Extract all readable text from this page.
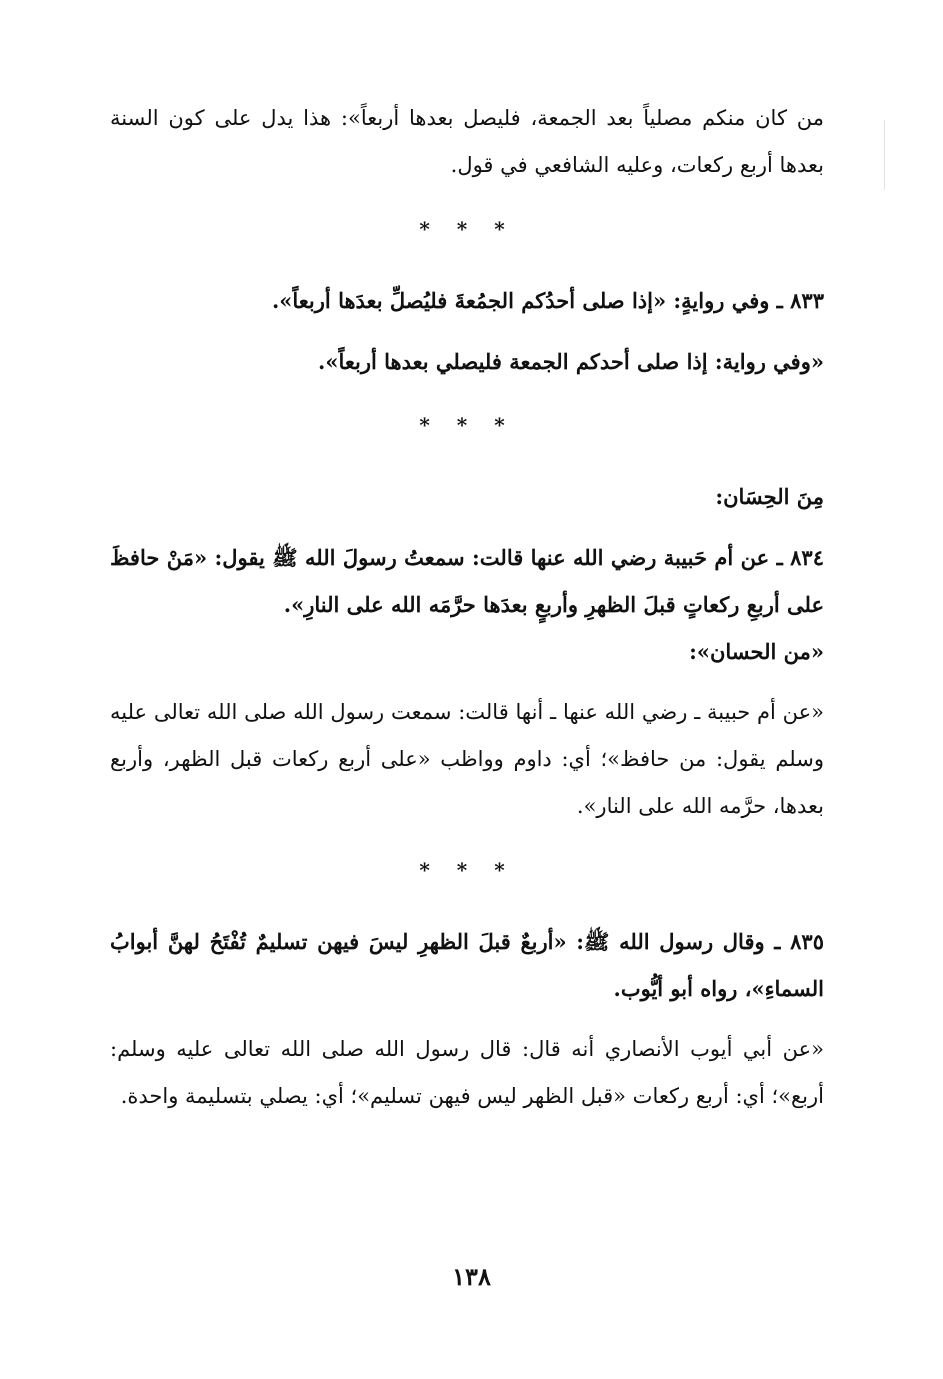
من كان منكم مصلياً بعد الجمعة، فليصل بعدها أربعاً»: هذا يدل على كون السنة بعدها أربع ركعات، وعليه الشافعي في قول.

* * *

٨٣٣ ـ وفي روايةٍ: «إذا صلى أحدُكم الجمُعةَ فليُصلِّ بعدَها أربعاً».

«وفي رواية: إذا صلى أحدكم الجمعة فليصلي بعدها أربعاً».

* * *

مِنَ الحِسَان:

٨٣٤ ـ عن أم حَبيبة رضي الله عنها قالت: سمعتُ رسولَ الله ﷺ يقول: «مَنْ حافظَ على أربعِ ركعاتٍ قبلَ الظهرِ وأربعٍ بعدَها حرَّمَه الله على النارِ».

«من الحسان»:

«عن أم حبيبة ـ رضي الله عنها ـ أنها قالت: سمعت رسول الله صلى الله تعالى عليه وسلم يقول: من حافظ»؛ أي: داوم وواظب «على أربع ركعات قبل الظهر، وأربع بعدها، حرَّمه الله على النار».

* * *

٨٣٥ ـ وقال رسول الله ﷺ: «أربعٌ قبلَ الظهرِ ليسَ فيهن تسليمٌ تُفْتَحُ لهنَّ أبوابُ السماءِ»، رواه أبو أيُّوب.

«عن أبي أيوب الأنصاري أنه قال: قال رسول الله صلى الله تعالى عليه وسلم: أربع»؛ أي: أربع ركعات «قبل الظهر ليس فيهن تسليم»؛ أي: يصلي بتسليمة واحدة.

١٣٨
